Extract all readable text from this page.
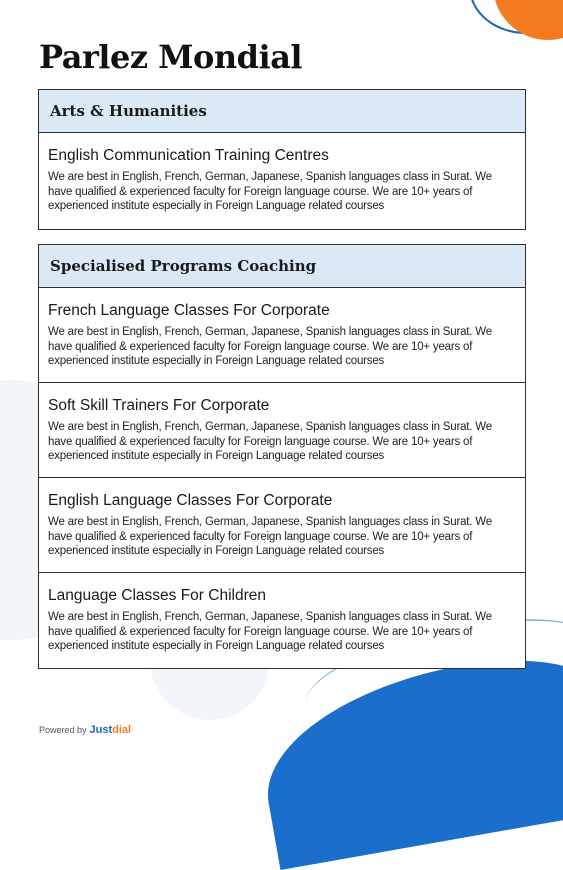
Parlez Mondial
Arts & Humanities
English Communication Training Centres
We are best in English, French, German, Japanese, Spanish languages class in Surat. We have qualified & experienced faculty for Foreign language course. We are 10+ years of experienced institute especially in Foreign Language related courses
Specialised Programs Coaching
French Language Classes For Corporate
We are best in English, French, German, Japanese, Spanish languages class in Surat. We have qualified & experienced faculty for Foreign language course. We are 10+ years of experienced institute especially in Foreign Language related courses
Soft Skill Trainers For Corporate
We are best in English, French, German, Japanese, Spanish languages class in Surat. We have qualified & experienced faculty for Foreign language course. We are 10+ years of experienced institute especially in Foreign Language related courses
English Language Classes For Corporate
We are best in English, French, German, Japanese, Spanish languages class in Surat. We have qualified & experienced faculty for Foreign language course. We are 10+ years of experienced institute especially in Foreign Language related courses
Language Classes For Children
We are best in English, French, German, Japanese, Spanish languages class in Surat. We have qualified & experienced faculty for Foreign language course. We are 10+ years of experienced institute especially in Foreign Language related courses
Powered by Justdial
